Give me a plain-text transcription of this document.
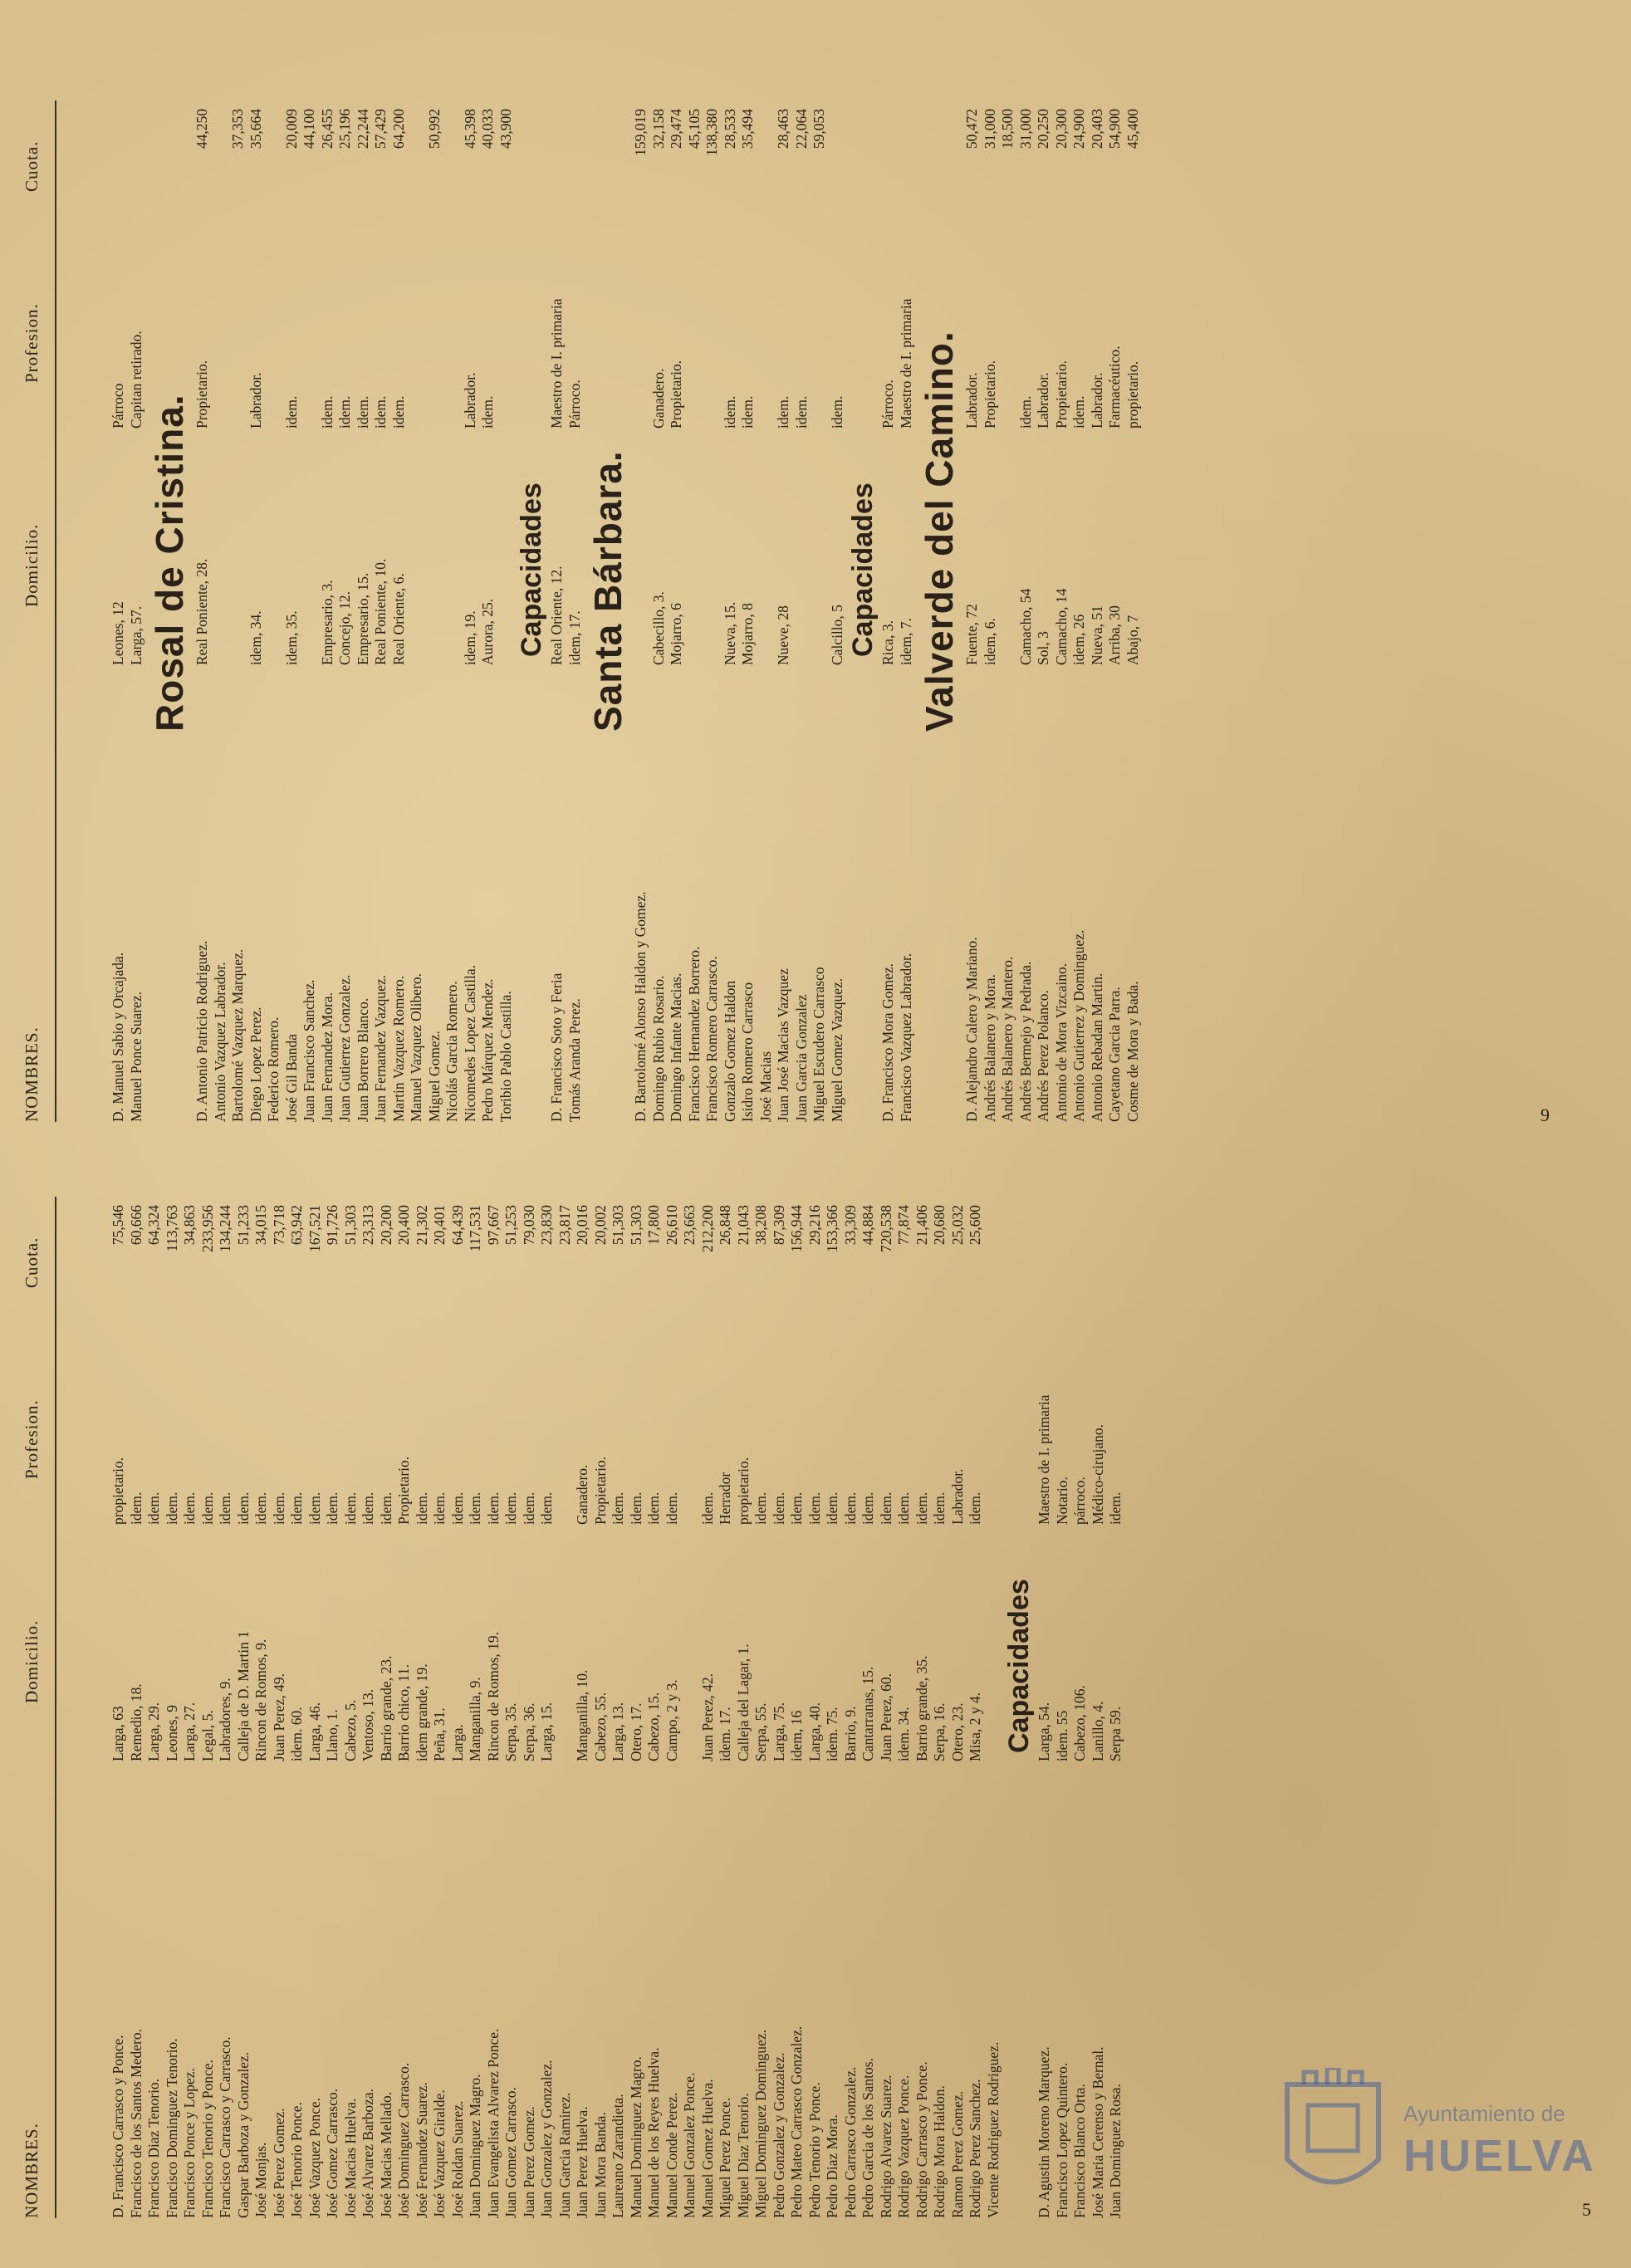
NOMBRES.
Domicilio.
Profesion.
Cuota.
D. Francisco Carrasco y Ponce.
Larga, 63
propietario.
75,546
Francisco de los Santos Medero.
Remedio, 18.
idem.
60,666
Francisco Diaz Tenorio.
Larga, 29.
idem.
64,324
Francisco Dominguez Tenorio.
Leones, 9
idem.
113,763
Francisco Ponce y Lopez.
Larga, 27.
idem.
34,863
Francisco Tenorio y Ponce.
Legal, 5.
idem.
233,956
Francisco Carrasco y Carrasco.
Labradores, 9.
idem.
134,244
Gaspar Barboza y Gonzalez.
Calleja de D. Martin 1
idem.
51,233
José Monjas.
Rincon de Romos, 9.
idem.
34,015
José Perez Gomez.
Juan Perez, 49.
idem.
73,718
José Tenorio Ponce.
idem. 60.
idem.
63,942
José Vazquez Ponce.
Larga, 46.
idem.
167,521
José Gomez Carrasco.
Llano, 1.
idem.
91,726
José Macias Huelva.
Cabezo, 5.
idem.
51,303
José Alvarez Barboza.
Ventoso, 13.
idem.
23,313
José Macias Mellado.
Barrio grande, 23.
idem.
20,200
José Dominguez Carrasco.
Barrio chico, 11.
Propietario.
20,400
José Fernandez Suarez.
idem grande, 19.
idem.
21,302
José Vazquez Giralde.
Peña, 31.
idem.
20,401
José Roldan Suarez.
Larga.
idem.
64,439
Juan Dominguez Magro.
Manganilla, 9.
idem.
117,531
Juan Evangelista Alvarez Ponce.
Rincon de Romos, 19.
idem.
97,667
Juan Gomez Carrasco.
Serpa, 35.
idem.
51,253
Juan Perez Gomez.
Serpa, 36.
idem.
79,030
Juan Gonzalez y Gonzalez.
Larga, 15.
idem.
23,830
Juan Garcia Ramirez.
23,817
Juan Perez Huelva.
Manganilla, 10.
Ganadero.
20,016
Juan Mora Banda.
Cabezo, 55.
Propietario.
20,002
Laureano Zarandieta.
Larga, 13.
idem.
51,303
Manuel Dominguez Magro.
Otero, 17.
idem.
51,303
Manuel de los Reyes Huelva.
Cabezo, 15.
idem.
17,800
Manuel Conde Perez.
Campo, 2 y 3.
idem.
26,610
Manuel Gonzalez Ponce.
23,663
Manuel Gomez Huelva.
Juan Perez, 42.
idem.
212,200
Miguel Perez Ponce.
idem. 17.
Herrador
26,848
Miguel Diaz Tenorio.
Calleja del Lagar, 1.
propietario.
21,043
Miguel Dominguez Dominguez.
Serpa, 55.
idem.
38,208
Pedro Gonzalez y Gonzalez.
Larga, 75.
idem.
87,309
Pedro Mateo Carrasco Gonzalez.
idem, 16
idem.
156,944
Pedro Tenorio y Ponce.
Larga, 40.
idem.
29,216
Pedro Diaz Mora.
idem. 75.
idem.
153,366
Pedro Carrasco Gonzalez.
Barrio, 9.
idem.
33,309
Pedro Garcia de los Santos.
Cantarranas, 15.
idem.
44,884
Rodrigo Alvarez Suarez.
Juan Perez, 60.
idem.
720,538
Rodrigo Vazquez Ponce.
idem. 34.
idem.
77,874
Rodrigo Carrasco y Ponce.
Barrio grande, 35.
idem.
21,406
Rodrigo Mora Haldon.
Serpa, 16.
idem.
20,680
Ramon Perez Gomez.
Otero, 23.
Labrador.
25,032
Rodrigo Perez Sanchez.
Misa, 2 y 4.
idem.
25,600
Vicente Rodriguez Rodriguez.
Capacidades
D. Agustin Moreno Marquez.
Larga, 54.
Maestro de I. primaria
Francisco Lopez Quintero.
idem. 55
Notario.
Francisco Blanco Orta.
Cabezo, 106.
párroco.
José Maria Cerenso y Bernal.
Lanillo, 4.
Médico-cirujano.
Juan Dominguez Rosa.
Serpa 59.
idem.
NOMBRES.
Domicilio.
Profesion.
Cuota.
D. Manuel Sabio y Orcajada.
Leones, 12
Párroco
Manuel Ponce Suarez.
Larga, 57.
Capitan retirado.
Rosal de Cristina.
D. Antonio Patricio Rodriguez.
Real Poniente, 28.
Propietario.
44,250
Antonio Vazquez Labrador. Bartolomé Vazquez Marquez.
37,353
Diego Lopez Perez.
idem, 34.
Labrador.
35,664
Federico Romero. José Gil Banda
idem, 35.
idem.
20,009
Juan Francisco Sanchez.
44,100
Juan Fernandez Mora.
Empresario, 3.
idem.
26,455
Juan Gutierrez Gonzalez.
Concejo, 12.
idem.
25,196
Juan Borrero Blanco.
Empresario, 15.
idem.
22,244
Juan Fernandez Vazquez.
Real Poniente, 10.
idem.
57,429
Martin Vazquez Romero.
Real Oriente, 6.
idem.
64,200
Manuel Vazquez Olibero. Miguel Gomez.
50,992
Nicolás Garcia Romero. Nicomedes Lopez Castilla.
idem, 19.
Labrador.
45,398
Pedro Márquez Mendez.
Aurora, 25.
idem.
40,033
Toribio Pablo Castilla.
43,900
Capacidades
D. Francisco Soto y Feria
Real Oriente, 12.
Maestro de I. primaria
Tomás Aranda Perez.
idem, 17.
Párroco.
Santa Bárbara.
D. Bartolomé Alonso Haldon y Gomez.
159,019
Domingo Rubio Rosario.
Cabecillo, 3.
Ganadero.
32,158
Domingo Infante Macias.
Mojarro, 6
Propietario.
29,474
Francisco Hernandez Borrero.
45,105
Francisco Romero Carrasco.
138,380
Gonzalo Gomez Haldon
Nueva, 15.
idem.
28,533
Isidro Romero Carrasco
Mojarro, 8
idem.
35,494
José Macias Juan José Macias Vazquez
Nueve, 28
idem.
28,463
Juan Garcia Gonzalez
idem.
22,064
Miguel Escudero Carrasco
59,053
Miguel Gomez Vazquez.
Calcillo, 5
idem.
Capacidades
D. Francisco Mora Gomez.
Rica, 3.
Párroco.
Francisco Vazquez Labrador.
idem, 7.
Maestro de I. primaria Valverde del Camino.
D. Alejandro Calero y Mariano.
Fuente, 72
Labrador.
50,472
Andrés Balanero y Mora.
idem, 6.
Propietario.
31,000
Andrés Balanero y Mantero.
18,500
Andrés Bermejo y Pedrada.
Camacho, 54
idem.
31,000
Andrés Perez Polanco.
Sol, 3
Labrador.
20,250
Antonio de Mora Vizcaino.
Camacho, 14
Propietario.
20,300
Antonio Gutierrez y Dominguez.
idem, 26
idem.
24,900
Antonio Rebadan Martin.
Nueva, 51
Labrador.
20,403
Cayetano Garcia Parra.
Arriba, 30
Farmacéutico.
54,900
Cosme de Mora y Bada.
Abajo, 7
propietario.
45,400
5
9
Ayuntamiento de
HUELVA
